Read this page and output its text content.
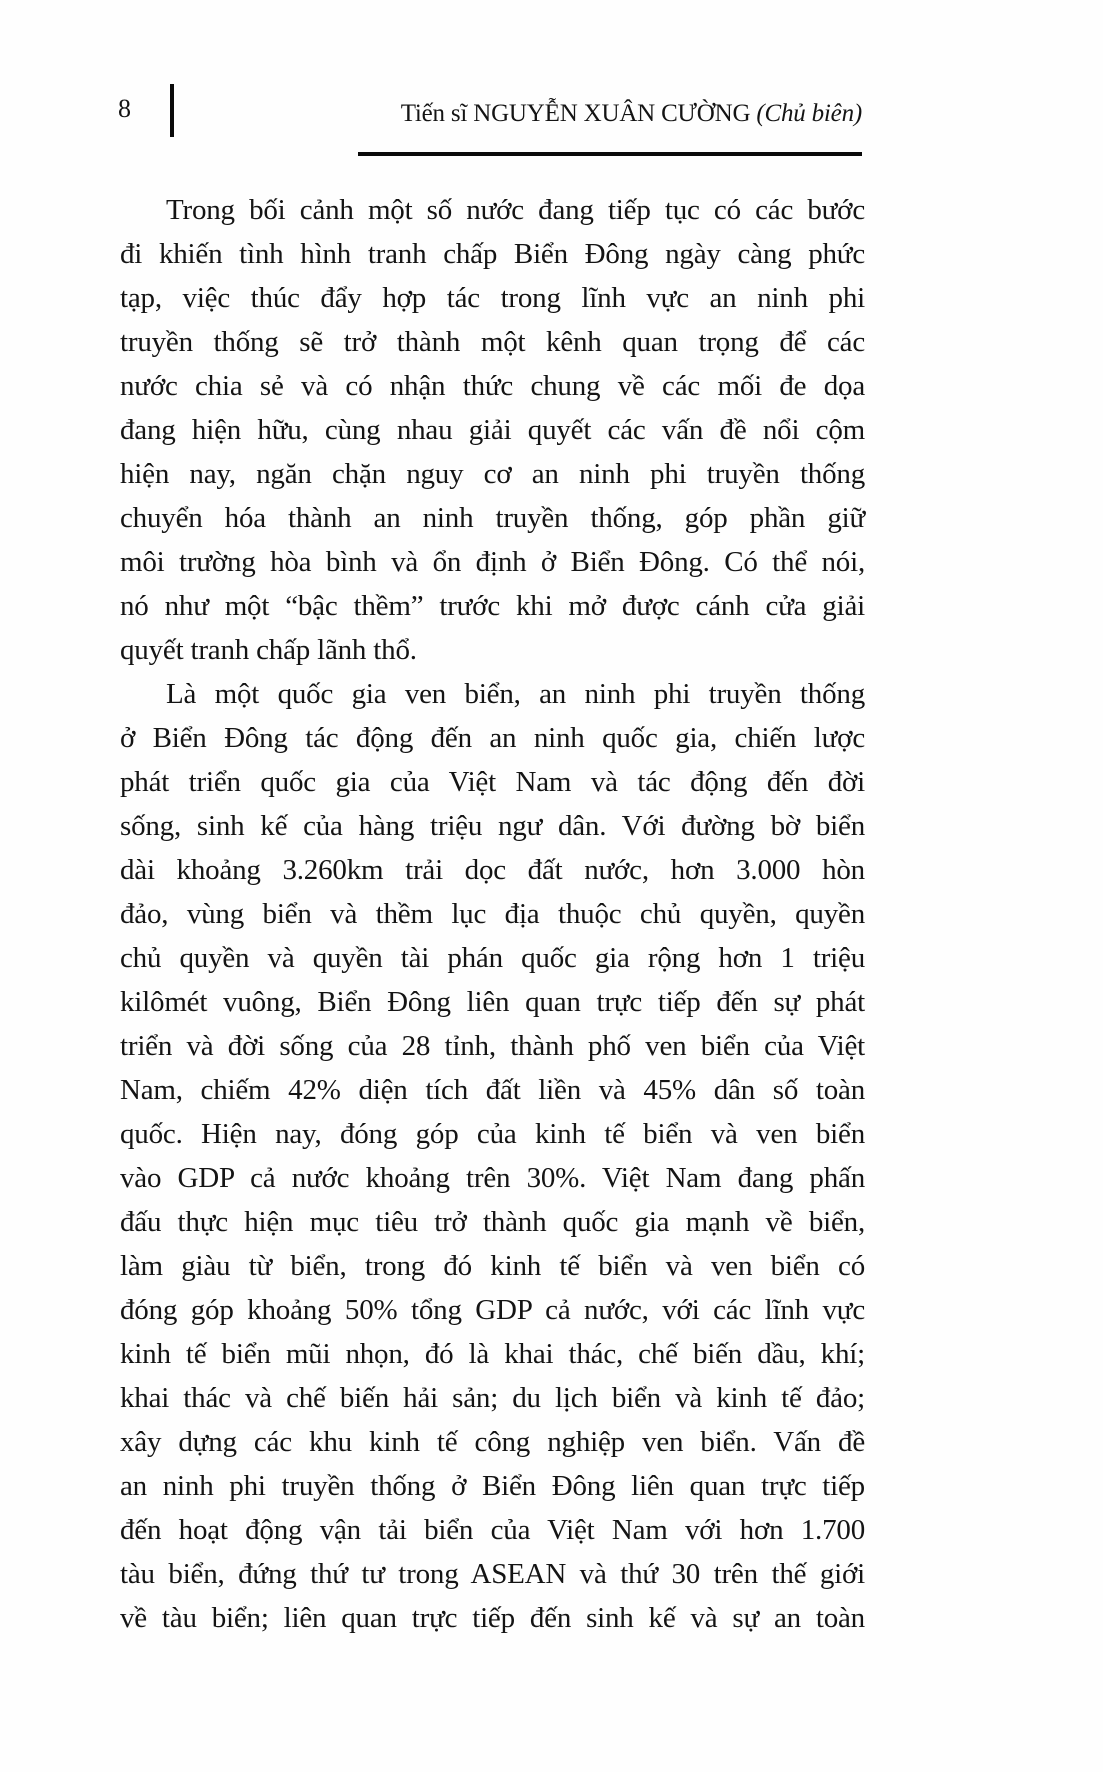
8	Tiến sĩ NGUYỄN XUÂN CƯỜNG (Chủ biên)
Trong bối cảnh một số nước đang tiếp tục có các bước
đi khiến tình hình tranh chấp Biển Đông ngày càng phức
tạp, việc thúc đẩy hợp tác trong lĩnh vực an ninh phi
truyền thống sẽ trở thành một kênh quan trọng để các
nước chia sẻ và có nhận thức chung về các mối đe dọa
đang hiện hữu, cùng nhau giải quyết các vấn đề nổi cộm
hiện nay, ngăn chặn nguy cơ an ninh phi truyền thống
chuyển hóa thành an ninh truyền thống, góp phần giữ
môi trường hòa bình và ổn định ở Biển Đông. Có thể nói,
nó như một “bậc thềm” trước khi mở được cánh cửa giải
quyết tranh chấp lãnh thổ.
Là một quốc gia ven biển, an ninh phi truyền thống
ở Biển Đông tác động đến an ninh quốc gia, chiến lược
phát triển quốc gia của Việt Nam và tác động đến đời
sống, sinh kế của hàng triệu ngư dân. Với đường bờ biển
dài khoảng 3.260km trải dọc đất nước, hơn 3.000 hòn
đảo, vùng biển và thềm lục địa thuộc chủ quyền, quyền
chủ quyền và quyền tài phán quốc gia rộng hơn 1 triệu
kilômét vuông, Biển Đông liên quan trực tiếp đến sự phát
triển và đời sống của 28 tỉnh, thành phố ven biển của Việt
Nam, chiếm 42% diện tích đất liền và 45% dân số toàn
quốc. Hiện nay, đóng góp của kinh tế biển và ven biển
vào GDP cả nước khoảng trên 30%. Việt Nam đang phấn
đấu thực hiện mục tiêu trở thành quốc gia mạnh về biển,
làm giàu từ biển, trong đó kinh tế biển và ven biển có
đóng góp khoảng 50% tổng GDP cả nước, với các lĩnh vực
kinh tế biển mũi nhọn, đó là khai thác, chế biến dầu, khí;
khai thác và chế biến hải sản; du lịch biển và kinh tế đảo;
xây dựng các khu kinh tế công nghiệp ven biển. Vấn đề
an ninh phi truyền thống ở Biển Đông liên quan trực tiếp
đến hoạt động vận tải biển của Việt Nam với hơn 1.700
tàu biển, đứng thứ tư trong ASEAN và thứ 30 trên thế giới
về tàu biển; liên quan trực tiếp đến sinh kế và sự an toàn
